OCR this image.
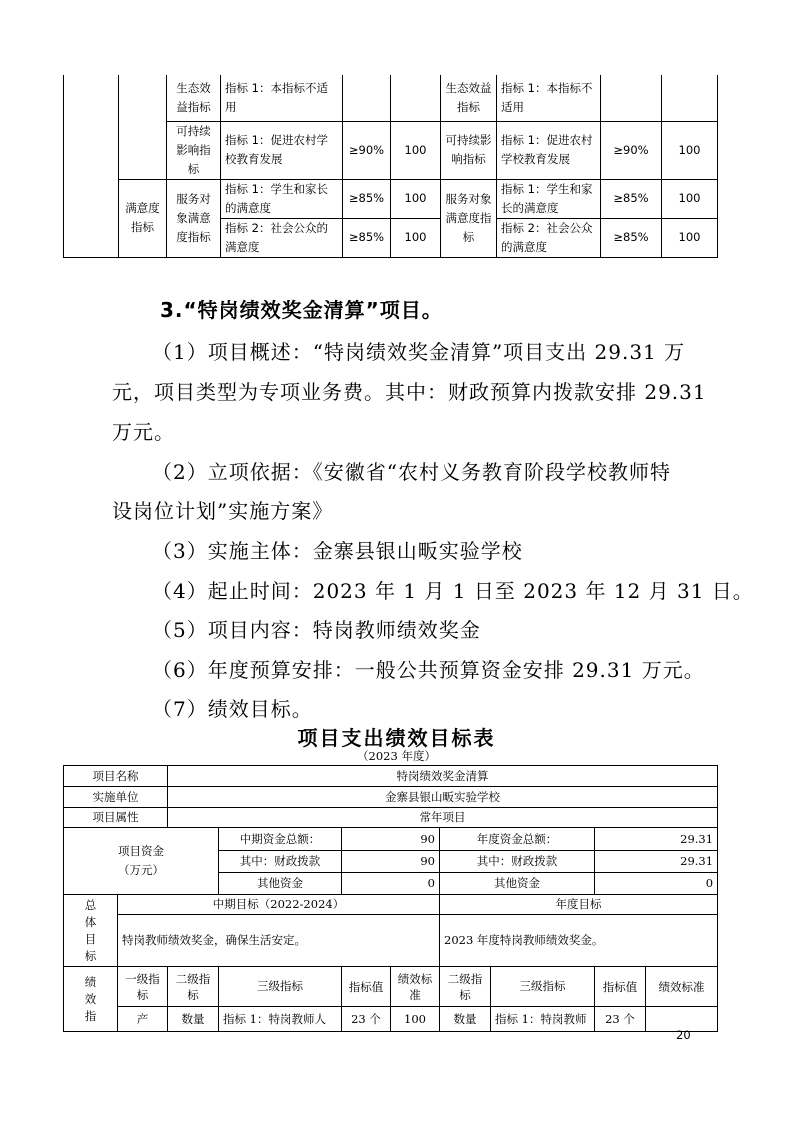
		生态效益指标	指标 1：本指标不适用			生态效益指标	指标 1：本指标不适用		
		可持续影响指标	指标 1：促进农村学校教育发展	≥90%	100	可持续影响指标	指标 1：促进农村学校教育发展	≥90%	100
	满意度指标	服务对象满意度指标	指标 1：学生和家长的满意度	≥85%	100	服务对象满意度指标	指标 1：学生和家长的满意度	≥85%	100
			指标 2：社会公众的满意度	≥85%	100		指标 2：社会公众的满意度	≥85%	100
3.“特岗绩效奖金清算”项目。
（1）项目概述：“特岗绩效奖金清算”项目支出 29.31 万
元，项目类型为专项业务费。其中：财政预算内拨款安排 29.31
万元。
（2）立项依据：《安徽省“农村义务教育阶段学校教师特
设岗位计划”实施方案》
（3）实施主体：金寨县银山畈实验学校
（4）起止时间：2023 年 1 月 1 日至 2023 年 12 月 31 日。
（5）项目内容：特岗教师绩效奖金
（6）年度预算安排：一般公共预算资金安排 29.31 万元。
（7）绩效目标。
项目支出绩效目标表
（2023 年度）
项目名称		特岗绩效奖金清算							
实施单位		金寨县银山畈实验学校							
项目属性		常年项目							

项目资金
（万元）			中期资金总额：	90		年度资金总额：		29.31	
			其中：财政拨款	90		其中：财政拨款		29.31	
			其他资金	0		其他资金		0	
总体目标	中期目标（2022-2024）					年度目标			
	特岗教师绩效奖金，确保生活安定。					2023 年度特岗教师绩效奖金。			
绩效指	一级指标	二级指标	三级指标	指标值	绩效标准	二级指标	三级指标	指标值	绩效标准
	产	数量	指标 1：特岗教师人	23 个	100	数量	指标 1：特岗教师	23 个	
20
